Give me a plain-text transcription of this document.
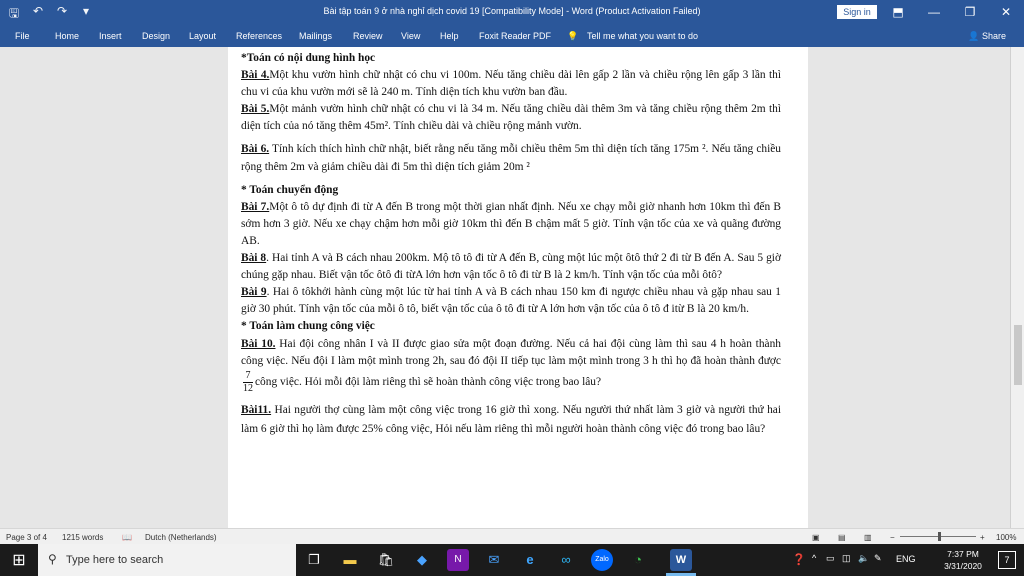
🖫 ↶ ↷	▾	Bài tập toán 9 ở nhà nghỉ dịch covid 19 [Compatibility Mode] - Word (Product Activation Failed)	Sign in	⬒	—	❐	✕
File	Home Insert Design Layout References Mailings Review View Help Foxit Reader PDF 💡 Tell me what you want to do	👤 Share

*Toán có nội dung hình học

Bài 4.Một khu vườn hình chữ nhật có chu vi 100m. Nếu tăng chiều dài lên gấp 2 lần và chiều rộng lên gấp 3 lần thì chu vi của khu vườn mới sẽ là 240 m. Tính diện tích khu vườn ban đầu.

Bài 5.Một mảnh vườn hình chữ nhật có chu vi là 34 m. Nếu tăng chiều dài thêm 3m và tăng chiều rộng thêm 2m thì diện tích của nó tăng thêm 45m². Tính chiều dài và chiều rộng mảnh vườn.

Bài 6. Tính kích thích hình chữ nhật, biết rằng nếu tăng mỗi chiều thêm 5m thì diện tích tăng 175m ². Nếu tăng chiều rộng thêm 2m và giảm chiều dài đi 5m thì diện tích giảm 20m ²

* Toán chuyển động

Bài 7.Một ô tô dự định đi từ A đến B trong một thời gian nhất định. Nếu xe chạy mỗi giờ nhanh hơn 10km thì đến B sớm hơn 3 giờ. Nếu xe chạy chậm hơn mỗi giờ 10km thì đến B chậm mất 5 giờ. Tính vận tốc của xe và quãng đường AB.

Bài 8. Hai tỉnh A và B cách nhau 200km. Mộ tô tô đi từ A đến B, cùng một lúc một ôtô thứ 2 đi từ B đến A. Sau 5 giờ chúng gặp nhau. Biết vận tốc ôtô đi từA lớn hơn vận tốc ô tô đi từ B là 2 km/h. Tính vận tốc của mỗi ôtô?

Bài 9. Hai ô tôkhởi hành cùng một lúc từ hai tỉnh A và B cách nhau 150 km đi ngược chiều nhau và gặp nhau sau 1 giờ 30 phút. Tính vận tốc của mỗi ô tô, biết vận tốc của ô tô đi từ A lớn hơn vận tốc của ô tô đ itừ B là 20 km/h.

* Toán làm chung công việc

Bài 10. Hai đội công nhân I và II được giao sửa một đoạn đường. Nếu cả hai đội cùng làm thì sau 4 h hoàn thành công việc. Nếu đội I làm một mình trong 2h, sau đó đội II tiếp tục làm một mình trong 3 h thì họ đã hoàn thành được
$\frac{7}{12}$ công việc. Hỏi mỗi đội làm riêng thì sẽ hoàn thành công việc trong bao lâu?

Bài11. Hai người thợ cùng làm một công việc trong 16 giờ thì xong. Nếu người thứ nhất làm 3 giờ và người thứ hai làm 6 giờ thì họ làm được 25% công việc, Hỏi nếu làm riêng thì mỗi người hoàn thành công việc đó trong bao lâu?

Page 3 of 4 1215 words 📖 Dutch (Netherlands)	▣ ▤ ▥ −	+ 100%
⊞ ⚲ Type here to search	❐	▬	🛍	◆	N	✉	e	∞	Zalo	◔	W	❓ ^ ▭ ◫ 🔈 ✎ ENG	7:37 PM
3/31/2020
7
